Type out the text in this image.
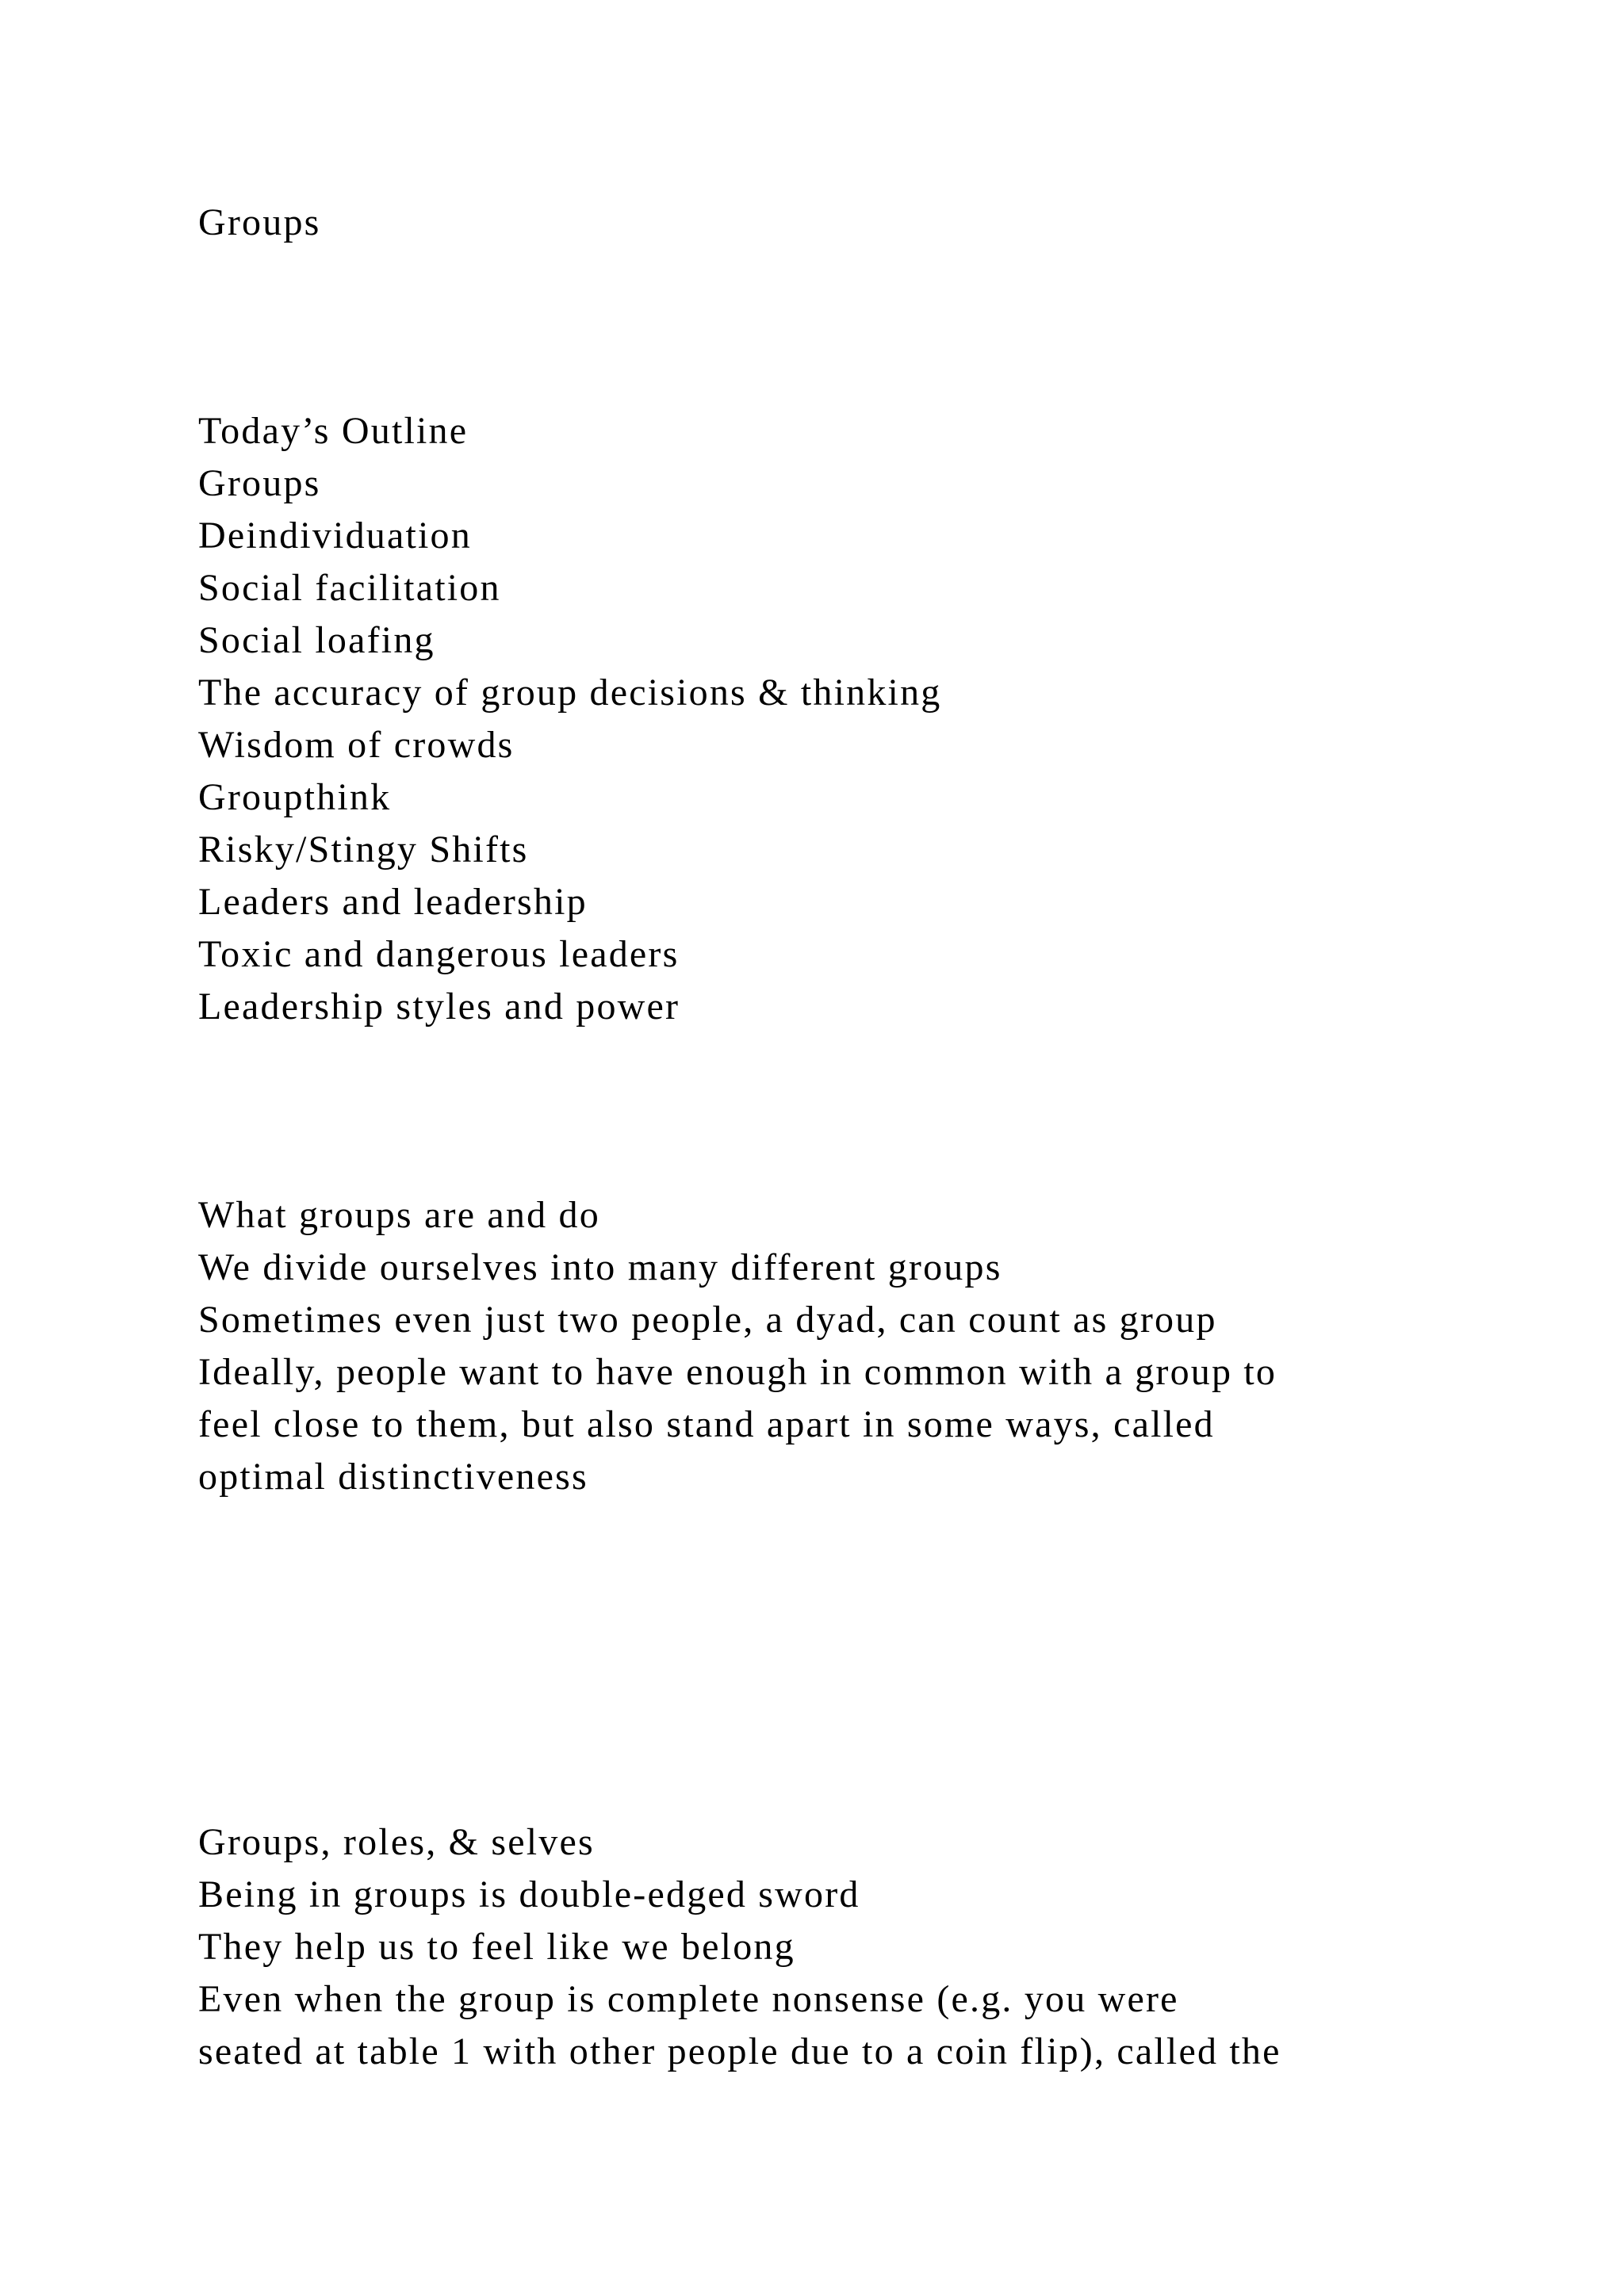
Groups

Today’s Outline

Groups

Deindividuation

Social facilitation

Social loafing

The accuracy of group decisions & thinking

Wisdom of crowds

Groupthink

Risky/Stingy Shifts

Leaders and leadership

Toxic and dangerous leaders

Leadership styles and power

What groups are and do

We divide ourselves into many different groups

Sometimes even just two people, a dyad, can count as group

Ideally, people want to have enough in common with a group to

feel close to them, but also stand apart in some ways, called

optimal distinctiveness

Groups, roles, & selves

Being in groups is double-edged sword

They help us to feel like we belong

Even when the group is complete nonsense (e.g. you were

seated at table 1 with other people due to a coin flip), called the
